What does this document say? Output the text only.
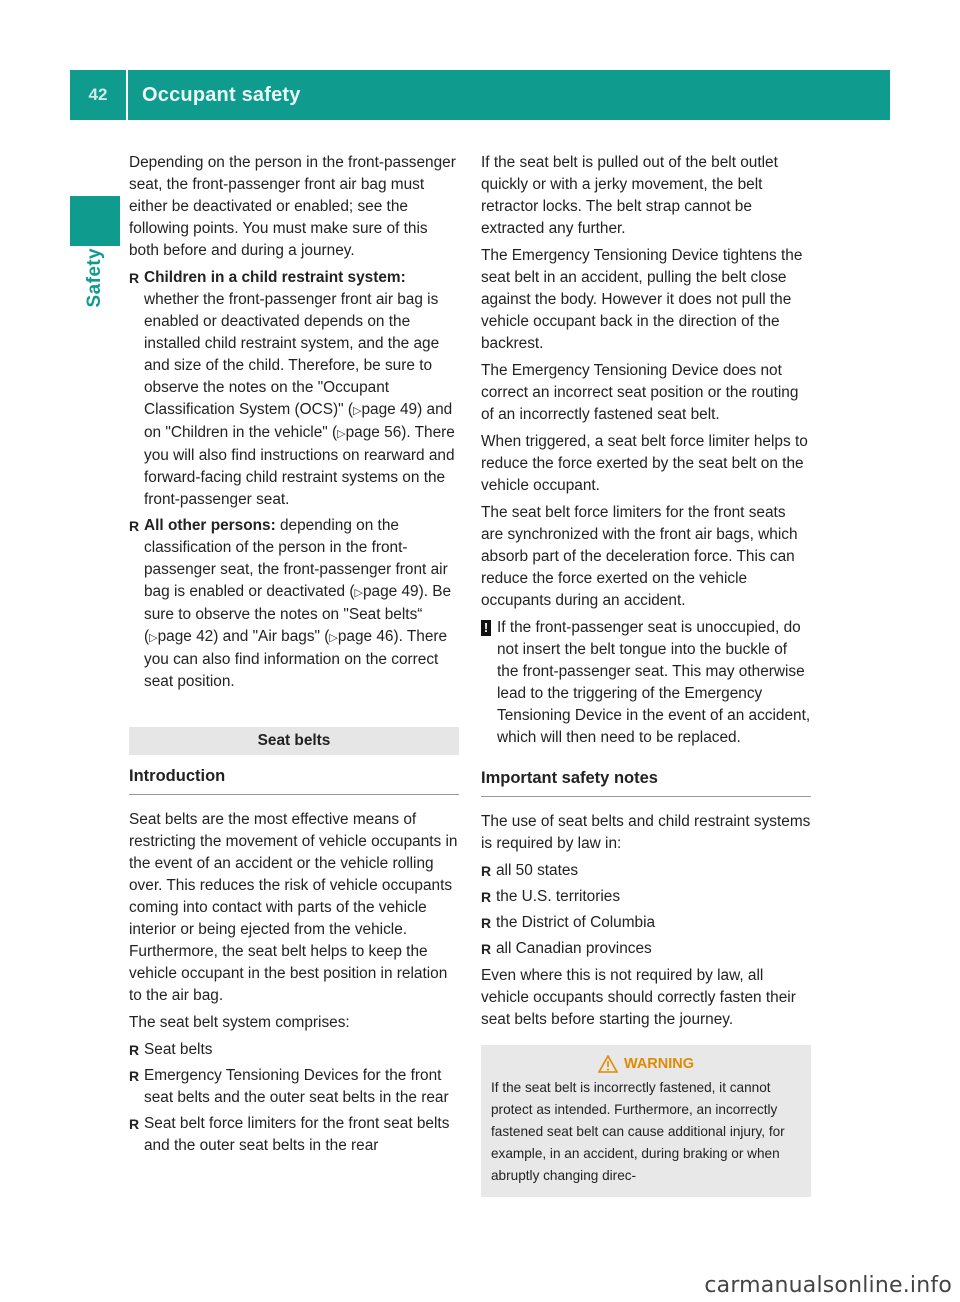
42	Occupant safety
Safety

Depending on the person in the front-passenger seat, the front-passenger front air bag must either be deactivated or enabled; see the following points. You must make sure of this both before and during a journey.

R Children in a child restraint system:
whether the front-passenger front air bag is enabled or deactivated depends on the installed child restraint system, and the age and size of the child. Therefore, be sure to observe the notes on the "Occupant Classification System (OCS)" (▷page 49) and on "Children in the vehicle" (▷page 56). There you will also find instructions on rearward and forward-facing child restraint systems on the front-passenger seat.
R All other persons: depending on the classification of the person in the front-passenger seat, the front-passenger front air bag is enabled or deactivated (▷page 49). Be sure to observe the notes on "Seat belts“ (▷page 42) and "Air bags" (▷page 46). There you can also find information on the correct seat position.
Seat belts
Introduction

Seat belts are the most effective means of restricting the movement of vehicle occupants in the event of an accident or the vehicle rolling over. This reduces the risk of vehicle occupants coming into contact with parts of the vehicle interior or being ejected from the vehicle. Furthermore, the seat belt helps to keep the vehicle occupant in the best position in relation to the air bag.

The seat belt system comprises:

R Seat belts
R Emergency Tensioning Devices for the front seat belts and the outer seat belts in the rear
R Seat belt force limiters for the front seat belts and the outer seat belts in the rear

If the seat belt is pulled out of the belt outlet quickly or with a jerky movement, the belt retractor locks. The belt strap cannot be extracted any further.

The Emergency Tensioning Device tightens the seat belt in an accident, pulling the belt close against the body. However it does not pull the vehicle occupant back in the direction of the backrest.

The Emergency Tensioning Device does not correct an incorrect seat position or the routing of an incorrectly fastened seat belt.

When triggered, a seat belt force limiter helps to reduce the force exerted by the seat belt on the vehicle occupant.

The seat belt force limiters for the front seats are synchronized with the front air bags, which absorb part of the deceleration force. This can reduce the force exerted on the vehicle occupants during an accident.

! If the front-passenger seat is unoccupied, do not insert the belt tongue into the buckle of the front-passenger seat. This may otherwise lead to the triggering of the Emergency Tensioning Device in the event of an accident, which will then need to be replaced.
Important safety notes

The use of seat belts and child restraint systems is required by law in:

R all 50 states
R the U.S. territories
R the District of Columbia
R all Canadian provinces

Even where this is not required by law, all vehicle occupants should correctly fasten their seat belts before starting the journey.

WARNING
If the seat belt is incorrectly fastened, it cannot protect as intended. Furthermore, an incorrectly fastened seat belt can cause additional injury, for example, in an accident, during braking or when abruptly changing direc-
carmanualsonline.info
